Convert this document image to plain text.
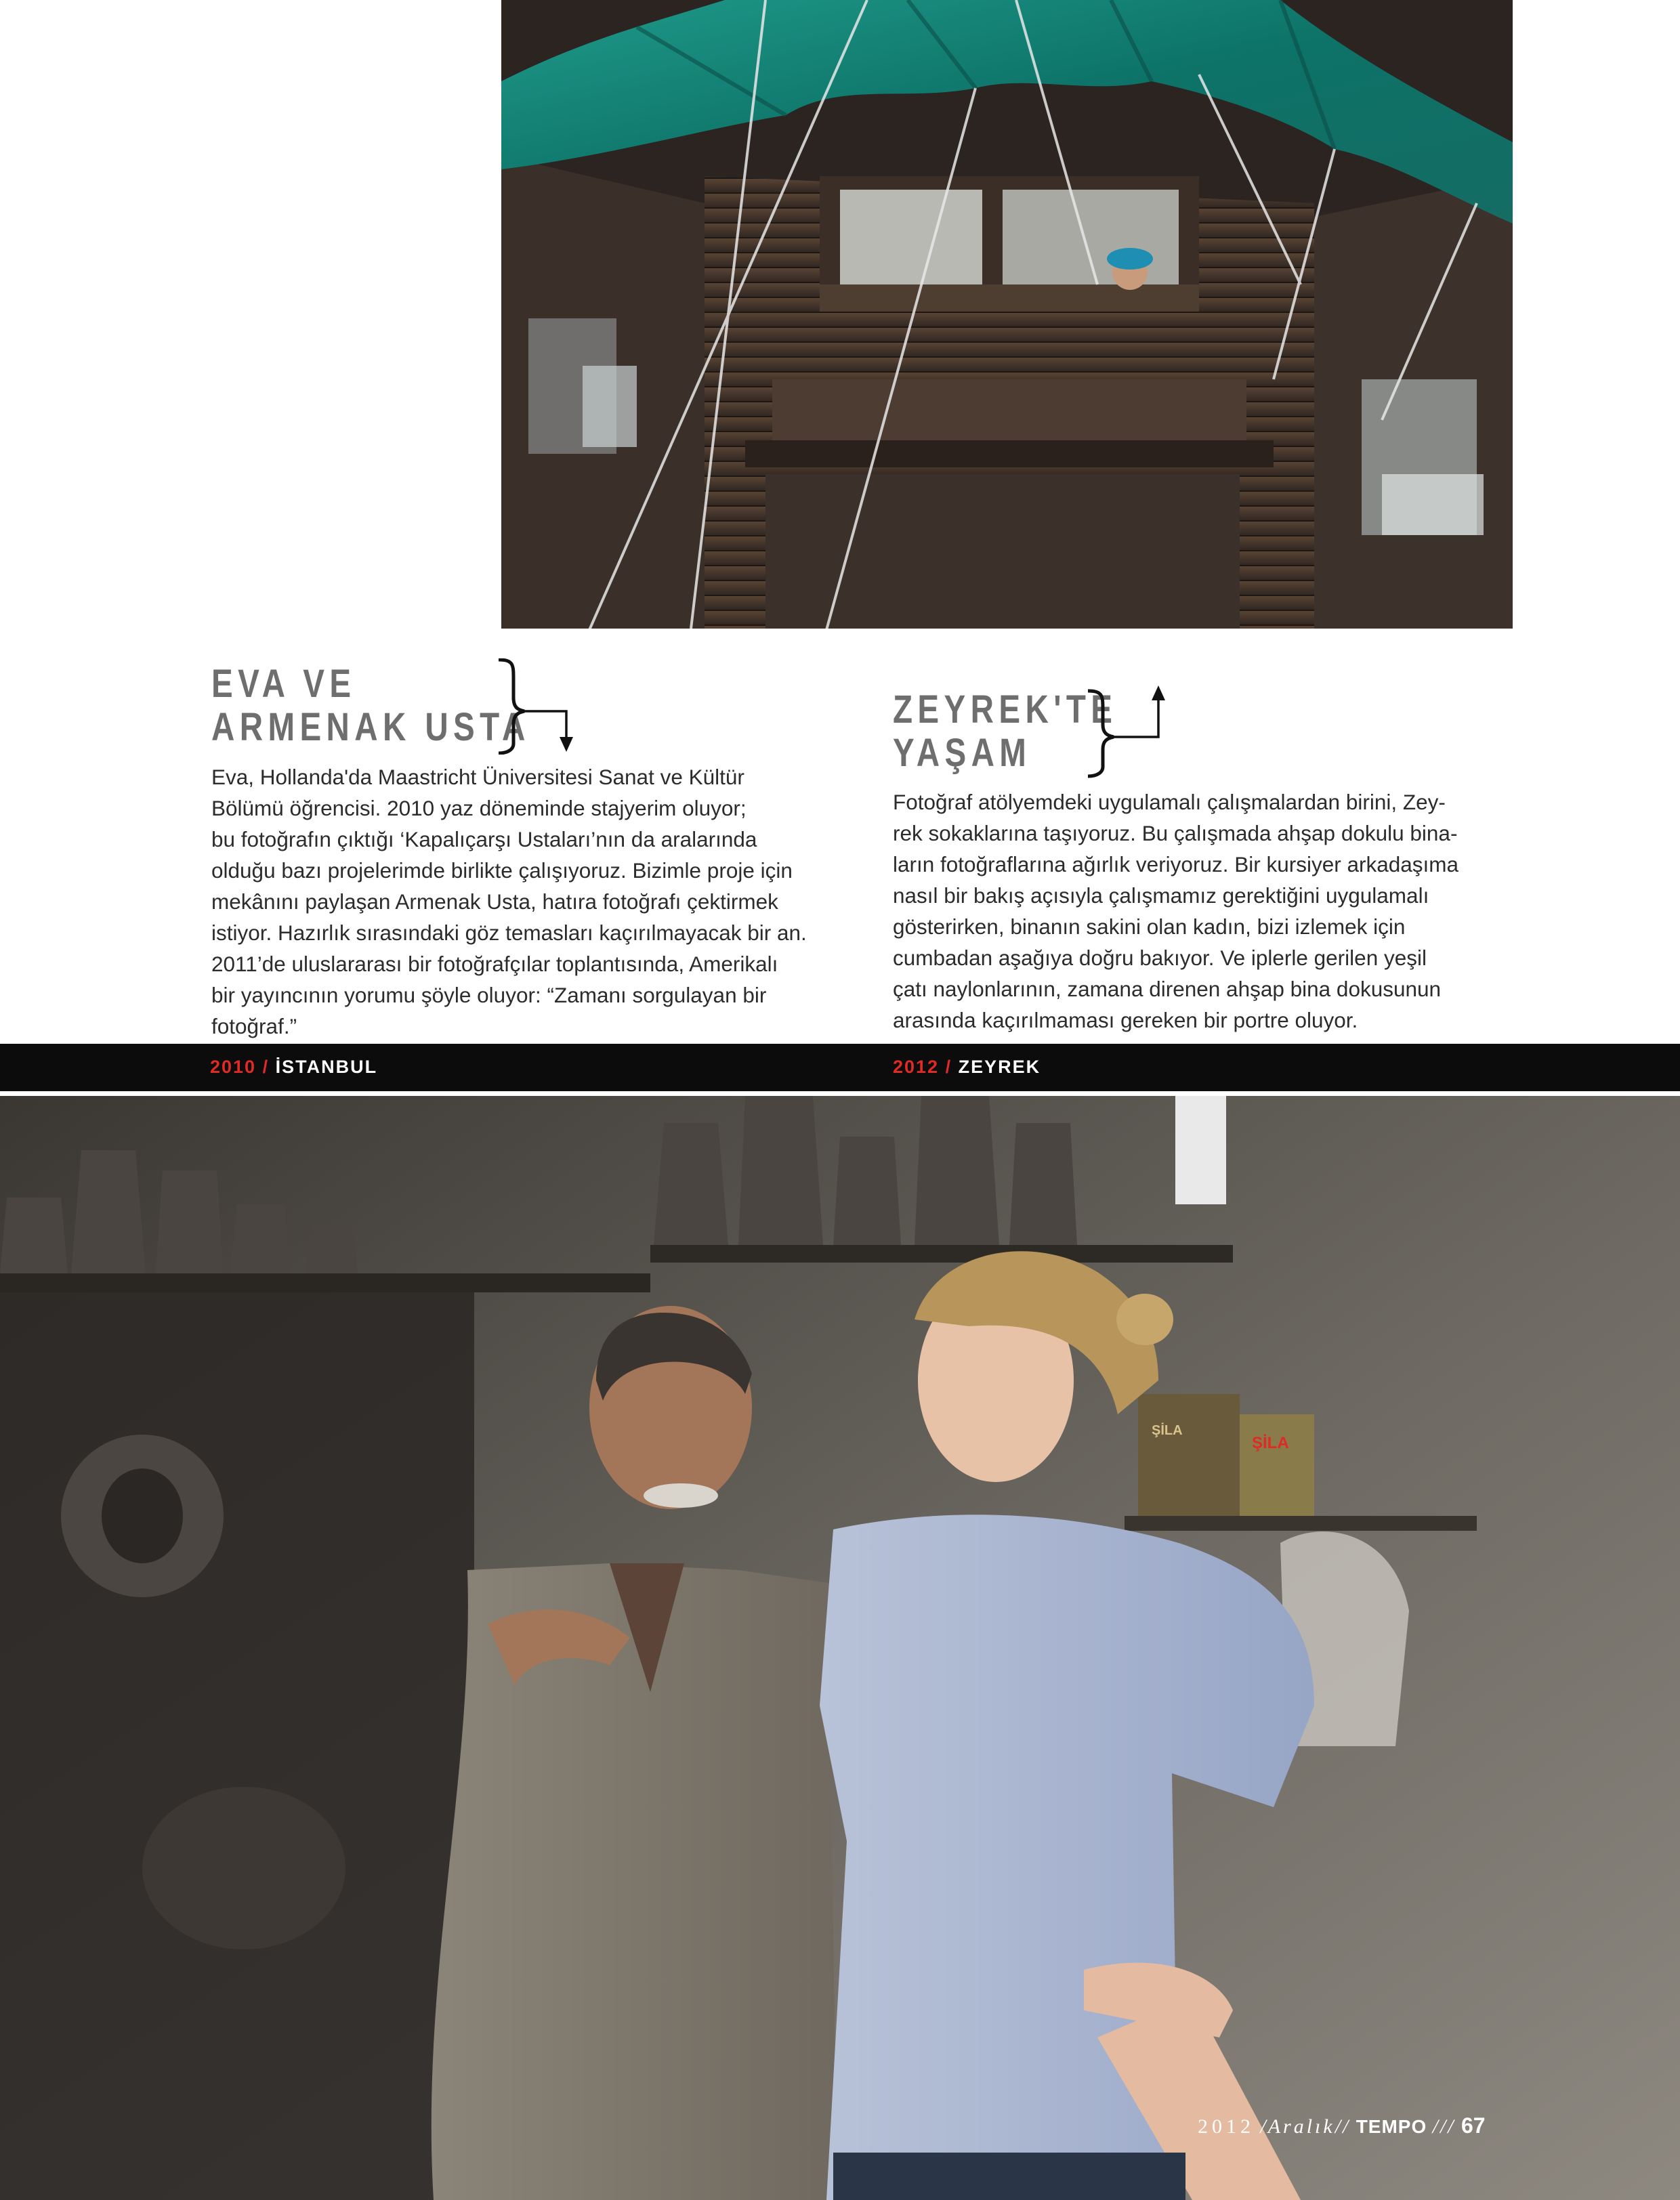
EVA VE
ARMENAK USTA
Eva, Hollanda'da Maastricht Üniversitesi Sanat ve Kültür
Bölümü öğrencisi. 2010 yaz döneminde stajyerim oluyor;
bu fotoğrafın çıktığı ‘Kapalıçarşı Ustaları’nın da aralarında
olduğu bazı projelerimde birlikte çalışıyoruz. Bizimle proje için
mekânını paylaşan Armenak Usta, hatıra fotoğrafı çektirmek
istiyor. Hazırlık sırasındaki göz temasları kaçırılmayacak bir an.
2011’de uluslararası bir fotoğrafçılar toplantısında, Amerikalı
bir yayıncının yorumu şöyle oluyor: “Zamanı sorgulayan bir
fotoğraf.”
ZEYREK'TE
YAŞAM
Fotoğraf atölyemdeki uygulamalı çalışmalardan birini, Zey-
rek sokaklarına taşıyoruz. Bu çalışmada ahşap dokulu bina-
ların fotoğraflarına ağırlık veriyoruz. Bir kursiyer arkadaşıma
nasıl bir bakış açısıyla çalışmamız gerektiğini uygulamalı
gösterirken, binanın sakini olan kadın, bizi izlemek için
cumbadan aşağıya doğru bakıyor. Ve iplerle gerilen yeşil
çatı naylonlarının, zamana direnen ahşap bina dokusunun
arasında kaçırılmaması gereken bir portre oluyor.
2010 / İSTANBUL	2012 / ZEYREK
ŞİLA
ŞİLA
2012 /Aralık// TEMPO /// 67
